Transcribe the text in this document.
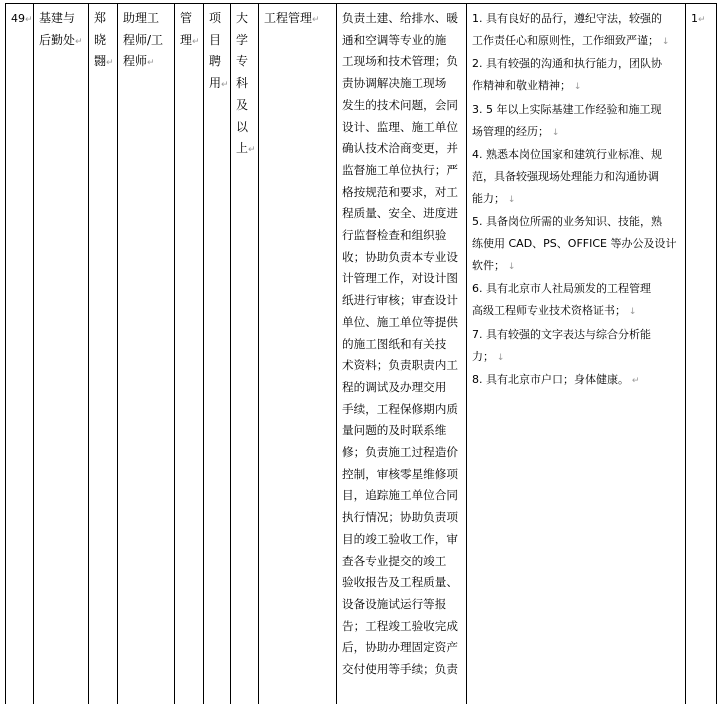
49↵ 基建与
后勤处↵
郑
晓
翾↵
助理工
程师/工
程师↵
管
理↵
项
目
聘
用↵
大
学
专
科
及
以
上↵
工程管理↵	负责土建、给排水、暖
通和空调等专业的施
工现场和技术管理；负
责协调解决施工现场
发生的技术问题，会同
设计、监理、施工单位
确认技术洽商变更，并
监督施工单位执行；严
格按规范和要求，对工
程质量、安全、进度进
行监督检查和组织验
收；协助负责本专业设
计管理工作，对设计图
纸进行审核；审查设计
单位、施工单位等提供
的施工图纸和有关技
术资料；负责职责内工
程的调试及办理交用
手续，工程保修期内质
量问题的及时联系维
修；负责施工过程造价
控制，审核零星维修项
目，追踪施工单位合同
执行情况；协助负责项
目的竣工验收工作，审
查各专业提交的竣工
验收报告及工程质量、
设备设施试运行等报
告；工程竣工验收完成
后，协助办理固定资产
交付使用等手续；负责
1. 具有良好的品行，遵纪守法，较强的
工作责任心和原则性，工作细致严谨； ↓
2. 具有较强的沟通和执行能力，团队协
作精神和敬业精神； ↓
3. 5 年以上实际基建工作经验和施工现
场管理的经历； ↓
4. 熟悉本岗位国家和建筑行业标准、规
范，具备较强现场处理能力和沟通协调
能力； ↓
5. 具备岗位所需的业务知识、技能，熟
练使用 CAD、PS、OFFICE 等办公及设计
软件； ↓
6. 具有北京市人社局颁发的工程管理
高级工程师专业技术资格证书； ↓
7. 具有较强的文字表达与综合分析能
力； ↓
8. 具有北京市户口；身体健康。 ↵
1↵
